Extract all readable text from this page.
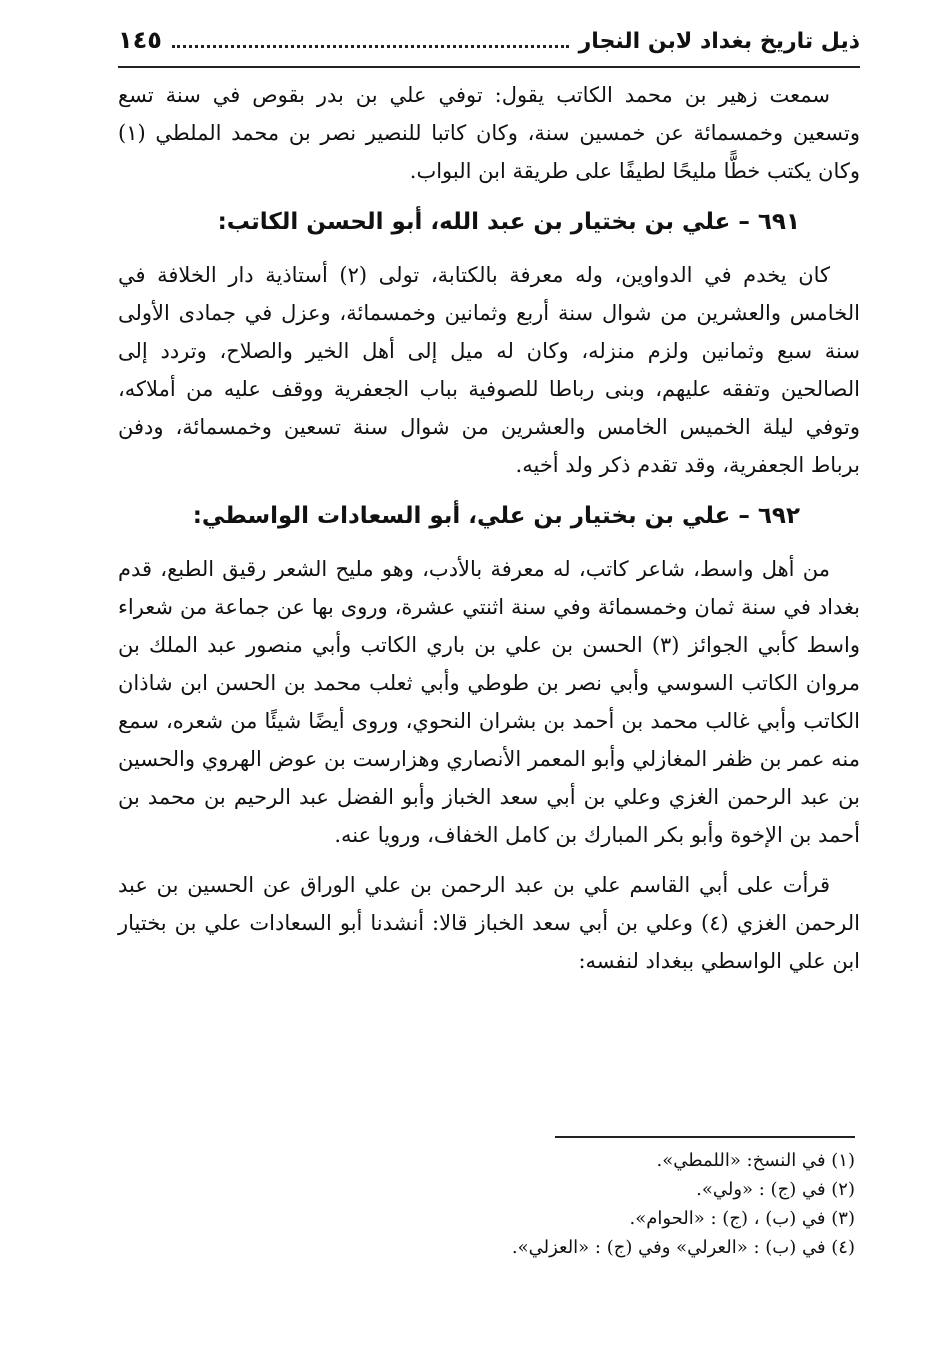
ذيل تاريخ بغداد لابن النجار
١٤٥

سمعت زهير بن محمد الكاتب يقول: توفي علي بن بدر بقوص في سنة تسع وتسعين وخمسمائة عن خمسين سنة، وكان كاتبا للنصير نصر بن محمد الملطي (١) وكان يكتب خطًّا مليحًا لطيفًا على طريقة ابن البواب.

٦٩١ – علي بن بختيار بن عبد الله، أبو الحسن الكاتب:

كان يخدم في الدواوين، وله معرفة بالكتابة، تولى (٢) أستاذية دار الخلافة في الخامس والعشرين من شوال سنة أربع وثمانين وخمسمائة، وعزل في جمادى الأولى سنة سبع وثمانين ولزم منزله، وكان له ميل إلى أهل الخير والصلاح، وتردد إلى الصالحين وتفقه عليهم، وبنى رباطا للصوفية بباب الجعفرية ووقف عليه من أملاكه، وتوفي ليلة الخميس الخامس والعشرين من شوال سنة تسعين وخمسمائة، ودفن برباط الجعفرية، وقد تقدم ذكر ولد أخيه.

٦٩٢ – علي بن بختيار بن علي، أبو السعادات الواسطي:

من أهل واسط، شاعر كاتب، له معرفة بالأدب، وهو مليح الشعر رقيق الطبع، قدم بغداد في سنة ثمان وخمسمائة وفي سنة اثنتي عشرة، وروى بها عن جماعة من شعراء واسط كأبي الجوائز (٣) الحسن بن علي بن باري الكاتب وأبي منصور عبد الملك بن مروان الكاتب السوسي وأبي نصر بن طوطي وأبي ثعلب محمد بن الحسن ابن شاذان الكاتب وأبي غالب محمد بن أحمد بن بشران النحوي، وروى أيضًا شيئًا من شعره، سمع منه عمر بن ظفر المغازلي وأبو المعمر الأنصاري وهزارست بن عوض الهروي والحسين بن عبد الرحمن الغزي وعلي بن أبي سعد الخباز وأبو الفضل عبد الرحيم بن محمد بن أحمد بن الإخوة وأبو بكر المبارك بن كامل الخفاف، ورويا عنه.

قرأت على أبي القاسم علي بن عبد الرحمن بن علي الوراق عن الحسين بن عبد الرحمن الغزي (٤) وعلي بن أبي سعد الخباز قالا: أنشدنا أبو السعادات علي بن بختيار ابن علي الواسطي ببغداد لنفسه:

(١) في النسخ: «اللمطي».

(٢) في (ج) : «ولي».

(٣) في (ب) ، (ج) : «الحوام».

(٤) في (ب) : «العرلي» وفي (ج) : «العزلي».
